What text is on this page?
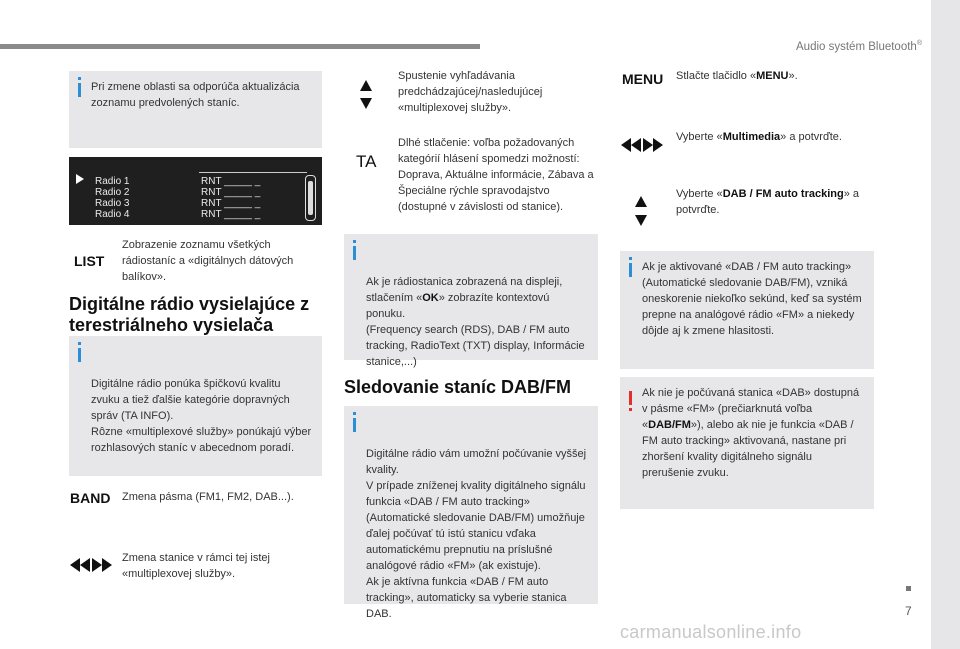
Audio systém Bluetooth®
7
carmanualsonline.info
Pri zmene oblasti sa odporúča aktualizácia zoznamu predvolených staníc.
Radio 1
Radio 2
Radio 3
Radio 4
RNT _____ _
RNT _____ _
RNT _____ _
RNT _____ _
LIST
Zobrazenie zoznamu všetkých rádiostaníc a «digitálnych dátových balíkov».
Digitálne rádio vysielajúce z terestriálneho vysielača

Digitálne rádio ponúka špičkovú kvalitu zvuku a tiež ďalšie kategórie dopravných správ (TA INFO).
Rôzne «multiplexové služby» ponúkajú výber rozhlasových staníc v abecednom poradí.

BAND Zmena pásma (FM1, FM2, DAB...).
Zmena stanice v rámci tej istej «multiplexovej služby».
Spustenie vyhľadávania predchádzajúcej/nasledujúcej «multiplexovej služby».
TA
Dlhé stlačenie: voľba požadovaných kategórií hlásení spomedzi možností: Doprava, Aktuálne informácie, Zábava a Špeciálne rýchle spravodajstvo (dostupné v závislosti od stanice).

Ak je rádiostanica zobrazená na displeji, stlačením «OK» zobrazíte kontextovú ponuku.
(Frequency search (RDS), DAB / FM auto tracking, RadioText (TXT) display, Informácie stanice,...)

Sledovanie staníc DAB/FM

Digitálne rádio vám umožní počúvanie vyššej kvality.
V prípade zníženej kvality digitálneho signálu funkcia «DAB / FM auto tracking» (Automatické sledovanie DAB/FM) umožňuje ďalej počúvať tú istú stanicu vďaka automatickému prepnutiu na príslušné analógové rádio «FM» (ak existuje).
Ak je aktívna funkcia «DAB / FM auto tracking», automaticky sa vyberie stanica DAB.

MENU Stlačte tlačidlo «MENU».
Vyberte «Multimedia» a potvrďte.
Vyberte «DAB / FM auto tracking» a potvrďte.
Ak je aktivované «DAB / FM auto tracking» (Automatické sledovanie DAB/FM), vzniká oneskorenie niekoľko sekúnd, keď sa systém prepne na analógové rádio «FM» a niekedy dôjde aj k zmene hlasitosti.
Ak nie je počúvaná stanica «DAB» dostupná v pásme «FM» (prečiarknutá voľba «DAB/FM»), alebo ak nie je funkcia «DAB / FM auto tracking» aktivovaná, nastane pri zhoršení kvality digitálneho signálu prerušenie zvuku.
